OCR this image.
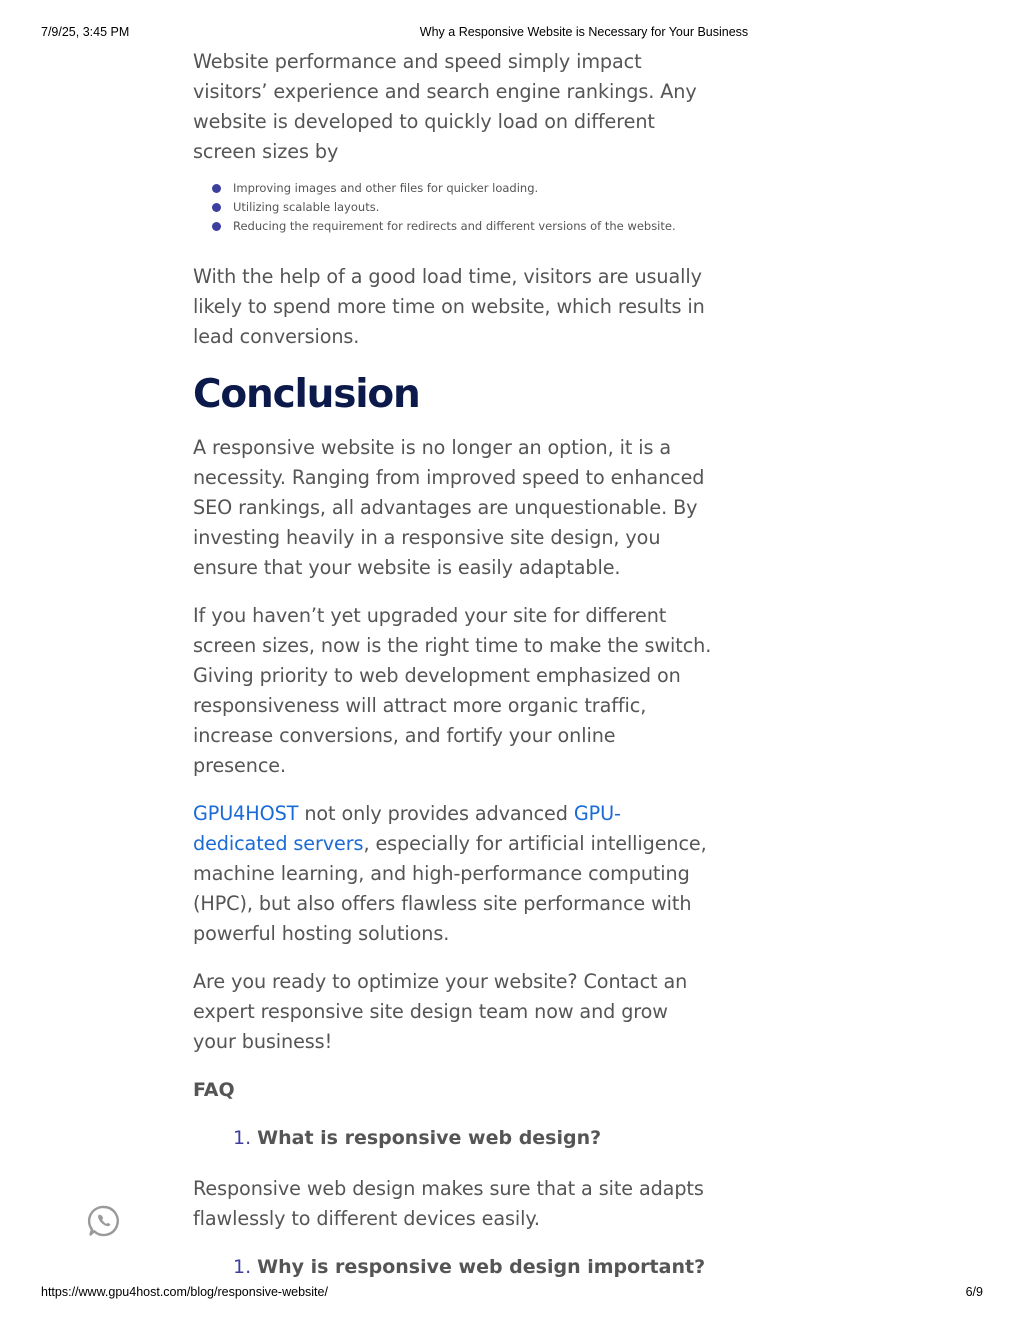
7/9/25, 3:45 PM	Why a Responsive Website is Necessary for Your Business

Website performance and speed simply impact visitors’ experience and search engine rankings. Any website is developed to quickly load on different screen sizes by

Improving images and other files for quicker loading.
Utilizing scalable layouts.
Reducing the requirement for redirects and different versions of the website.

With the help of a good load time, visitors are usually likely to spend more time on website, which results in lead conversions.

Conclusion

A responsive website is no longer an option, it is a necessity. Ranging from improved speed to enhanced SEO rankings, all advantages are unquestionable. By investing heavily in a responsive site design, you ensure that your website is easily adaptable.

If you haven’t yet upgraded your site for different screen sizes, now is the right time to make the switch. Giving priority to web development emphasized on responsiveness will attract more organic traffic, increase conversions, and fortify your online presence.

GPU4HOST not only provides advanced GPU-dedicated servers, especially for artificial intelligence, machine learning, and high-performance computing (HPC), but also offers flawless site performance with powerful hosting solutions.

Are you ready to optimize your website? Contact an expert responsive site design team now and grow your business!

FAQ

1. What is responsive web design?

Responsive web design makes sure that a site adapts flawlessly to different devices easily.

1. Why is responsive web design important?

https://www.gpu4host.com/blog/responsive-website/	6/9
